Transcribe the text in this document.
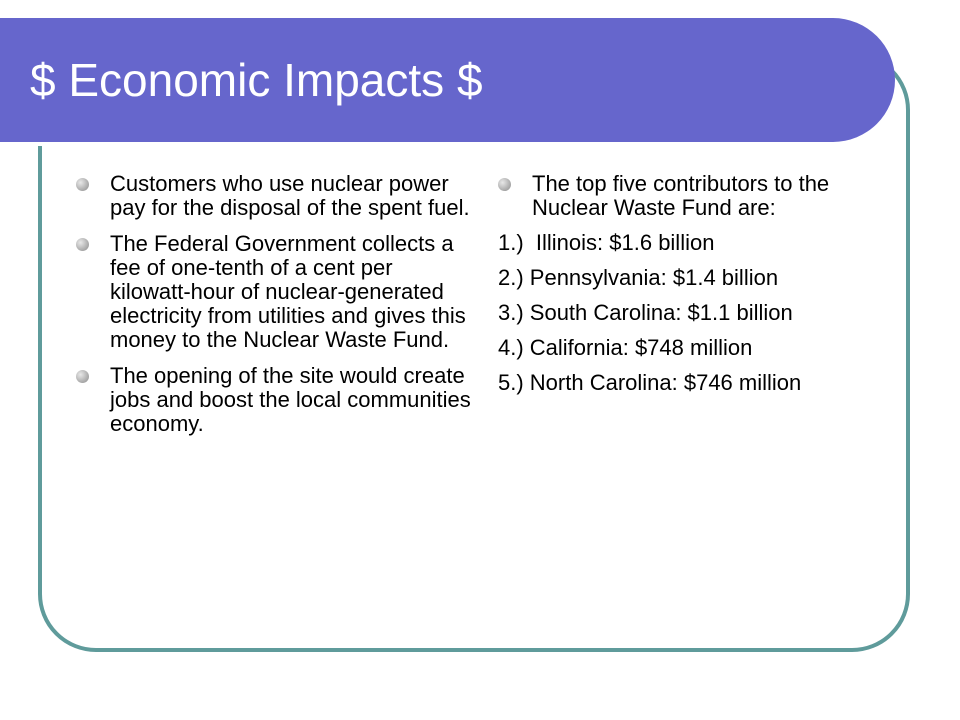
$ Economic Impacts $
Customers who use nuclear power pay for the disposal of the spent fuel.
The Federal Government collects a fee of one-tenth of a cent per kilowatt-hour of nuclear-generated electricity from utilities and gives this money to the Nuclear Waste Fund.
The opening of the site would create jobs and boost the local communities economy.
The top five contributors to the Nuclear Waste Fund are:
1.)  Illinois: $1.6 billion
2.) Pennsylvania: $1.4 billion
3.) South Carolina: $1.1 billion
4.) California: $748 million
5.) North Carolina: $746 million
